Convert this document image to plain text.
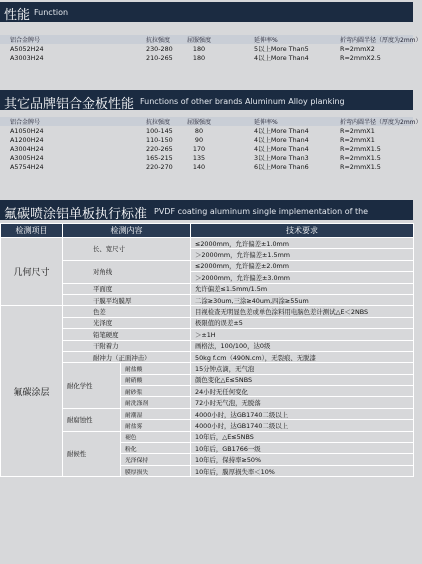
性能 Function
铝合金牌号	抗拉强度	屈服强度	延伸率%	折弯内圆半径（厚度为2mm）
A5052H24	230-280	180	5以上More Than5	R=2mmX2
A3003H24	210-265	180	4以上More Than4	R=2mmX2.5
其它品牌铝合金板性能 Functions of other brands Aluminum Alloy planking
铝合金牌号	抗拉强度	屈服强度	延伸率%	折弯内圆半径（厚度为2mm）
A1050H24	100-145	80	4以上More Than4	R=2mmX1
A1200H24	110-150	90	4以上More Than4	R=2mmX1
A3004H24	220-265	170	4以上More Than4	R=2mmX1.5
A3005H24	165-215	135	3以上More Than3	R=2mmX1.5
A5754H24	220-270	140	6以上More Than6	R=2mmX1.5
氟碳喷涂铝单板执行标准 PVDF coating aluminum single implementation of the
检测项目	检测内容		技术要求
几何尺寸	长、宽尺寸		≤2000mm，允许偏差±1.0mm
			＞2000mm，允许偏差±1.5mm
	对角线		≤2000mm，允许偏差±2.0mm
			＞2000mm，允许偏差±3.0mm
	平面度		允许偏差≤1.5mm/1.5m
	干膜平均膜厚		二涂≥30um,三涂≥40um,四涂≥55um
氟碳涂层	色差		目视检查无明显色差或单色涂料用电脑色差计测试△E＜2NBS
	光泽度		极限值的误差±5
	铅笔硬度		＞±1H
	干附着力		画格法，100/100，达0级
	耐冲力（正面冲击）		50kg f.cm（490N.cm），无裂痕、无脱漆
	耐化学性	耐盐酸	15分钟点滴，无气泡
		耐硝酸	颜色变化△E≤5NBS
		耐砂浆	24小时无任何变化
		耐洗涤剂	72小时无气泡，无脱落
	耐腐蚀性	耐潮湿	4000小时，达GB1740二级以上
		耐盐雾	4000小时，达GB1740二级以上
	耐候性	褪色	10年后，△E≤5NBS
		粉化	10年后，GB1766一级
		光泽保持	10年后，保持率≥50%
		膜厚损失	10年后，膜厚损失率＜10%
